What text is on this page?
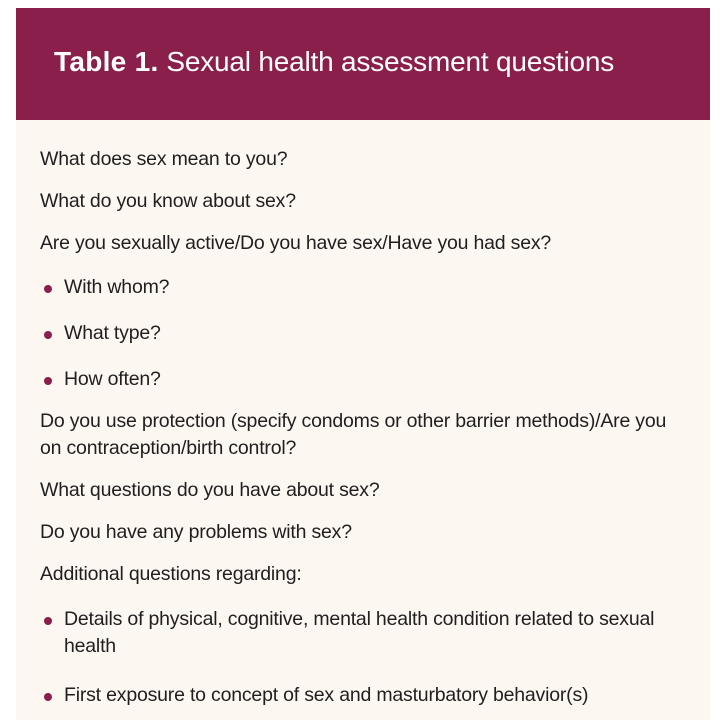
Table 1. Sexual health assessment questions
What does sex mean to you?
What do you know about sex?
Are you sexually active/Do you have sex/Have you had sex?
With whom?
What type?
How often?
Do you use protection (specify condoms or other barrier methods)/Are you on contraception/birth control?
What questions do you have about sex?
Do you have any problems with sex?
Additional questions regarding:
Details of physical, cognitive, mental health condition related to sexual health
First exposure to concept of sex and masturbatory behavior(s)
